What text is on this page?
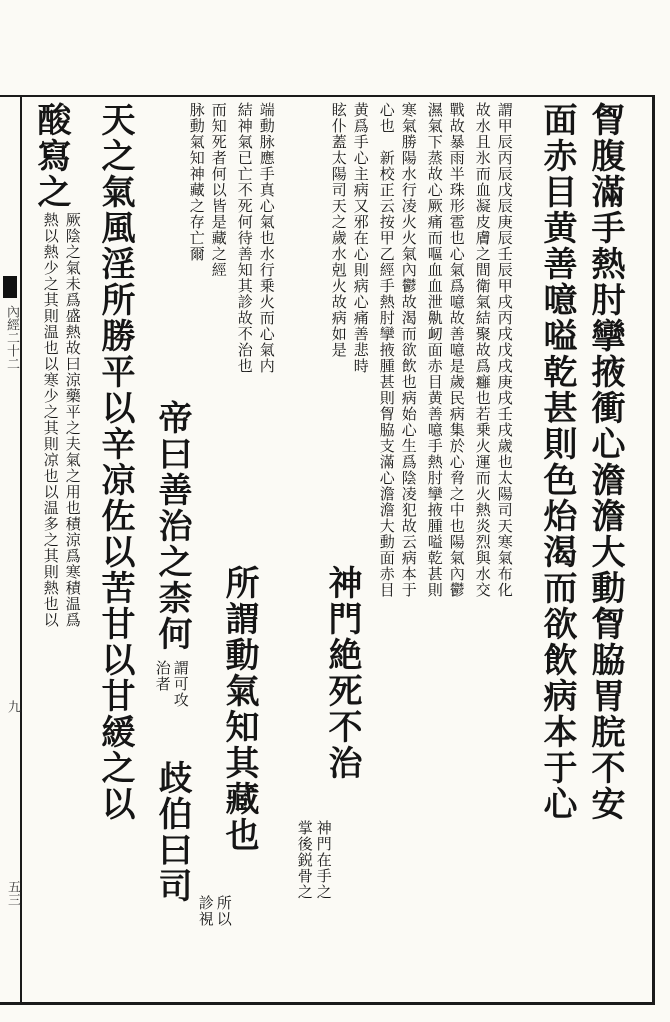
內經二十二
九
五三
胷腹滿手熱肘攣掖衝心澹澹大動胷脇胃脘不安
面赤目黄善噫嗌乾甚則色炲渴而欲飲病本于心
謂甲辰丙辰戊辰庚辰壬辰甲戌丙戌戊戌庚戌壬戌歲也太陽司天寒氣布化
故水且氷而血凝皮膚之間衛氣結聚故爲癰也若乗火運而火熱炎烈與水交
戰故暴雨半珠形雹也心氣爲噫故善噫是歲民病集於心脅之中也陽氣內鬱
濕氣下蒸故心厥痛而嘔血血泄鼽衂面赤目黄善噫手熱肘攣掖腫嗌乾甚則
寒氣勝陽水行凌火火氣內鬱故渴而欲飲也病始心生爲陰凌犯故云病本于
心也　新校正云按甲乙經手熱肘攣掖腫甚則胷脇支滿心澹澹大動面赤目
黄爲手心主病又邪在心則病心痛善悲時
眩仆蓋太陽司天之歲水剋火故病如是
神門絶死不治
神門在手之
掌後鋭骨之
端動脉應手真心氣也水行乗火而心氣内
結神氣已亡不死何待善知其診故不治也
所謂動氣知其藏也
所以
診視
而知死者何以皆是藏之經
脉動氣知神藏之存亡爾
帝曰善治之柰何
謂可攻
治者
歧伯曰司
天之氣風淫所勝平以辛凉佐以苦甘以甘緩之以
酸寫之
厥陰之氣未爲盛熱故曰涼藥平之夫氣之用也積涼爲寒積温爲
熱以熱少之其則温也以寒少之其則凉也以温多之其則熱也以
